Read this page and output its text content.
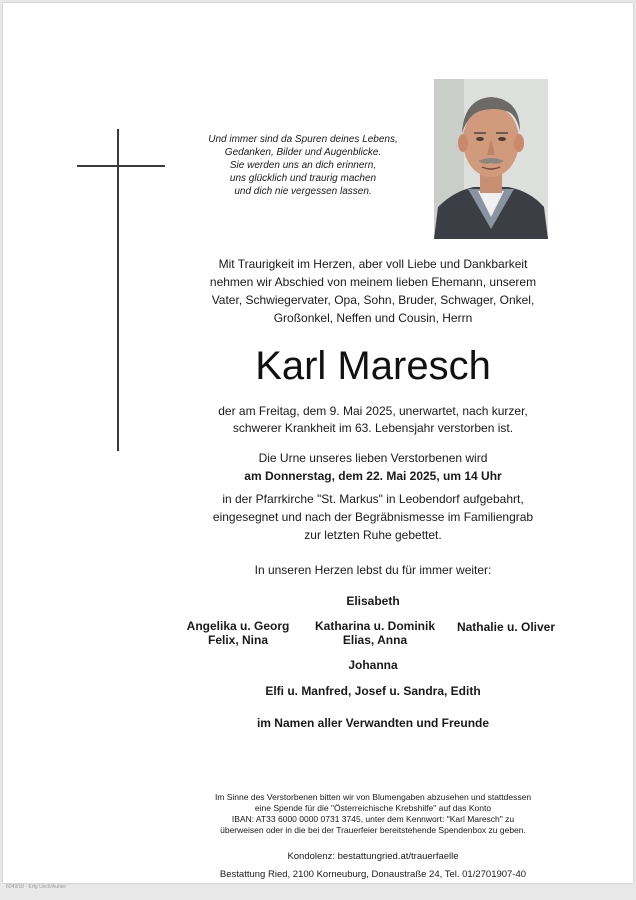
Und immer sind da Spuren deines Lebens,
Gedanken, Bilder und Augenblicke.
Sie werden uns an dich erinnern,
uns glücklich und traurig machen
und dich nie vergessen lassen.
Mit Traurigkeit im Herzen, aber voll Liebe und Dankbarkeit
nehmen wir Abschied von meinem lieben Ehemann, unserem
Vater, Schwiegervater, Opa, Sohn, Bruder, Schwager, Onkel,
Großonkel, Neffen und Cousin, Herrn
Karl Maresch
der am Freitag, dem 9. Mai 2025, unerwartet, nach kurzer,
schwerer Krankheit im 63. Lebensjahr verstorben ist.
Die Urne unseres lieben Verstorbenen wird
am Donnerstag, dem 22. Mai 2025, um 14 Uhr
in der Pfarrkirche "St. Markus" in Leobendorf aufgebahrt,
eingesegnet und nach der Begräbnismesse im Familiengrab
zur letzten Ruhe gebettet.
In unseren Herzen lebst du für immer weiter:
Elisabeth
Angelika u. Georg
Felix, Nina
Katharina u. Dominik
Elias, Anna
Nathalie u. Oliver
Johanna
Elfi u. Manfred, Josef u. Sandra, Edith
im Namen aller Verwandten und Freunde
Im Sinne des Verstorbenen bitten wir von Blumengaben abzusehen und stattdessen
eine Spende für die "Österreichische Krebshilfe" auf das Konto
IBAN: AT33 6000 0000 0731 3745, unter dem Kennwort: "Karl Maresch" zu
überweisen oder in die bei der Trauerfeier bereitstehende Spendenbox zu geben.
Kondolenz: bestattungried.at/trauerfaelle
Bestattung Ried, 2100 Korneuburg, Donaustraße 24, Tel. 01/2701907-40
6049/10 · Erfg Usch/Auhke
